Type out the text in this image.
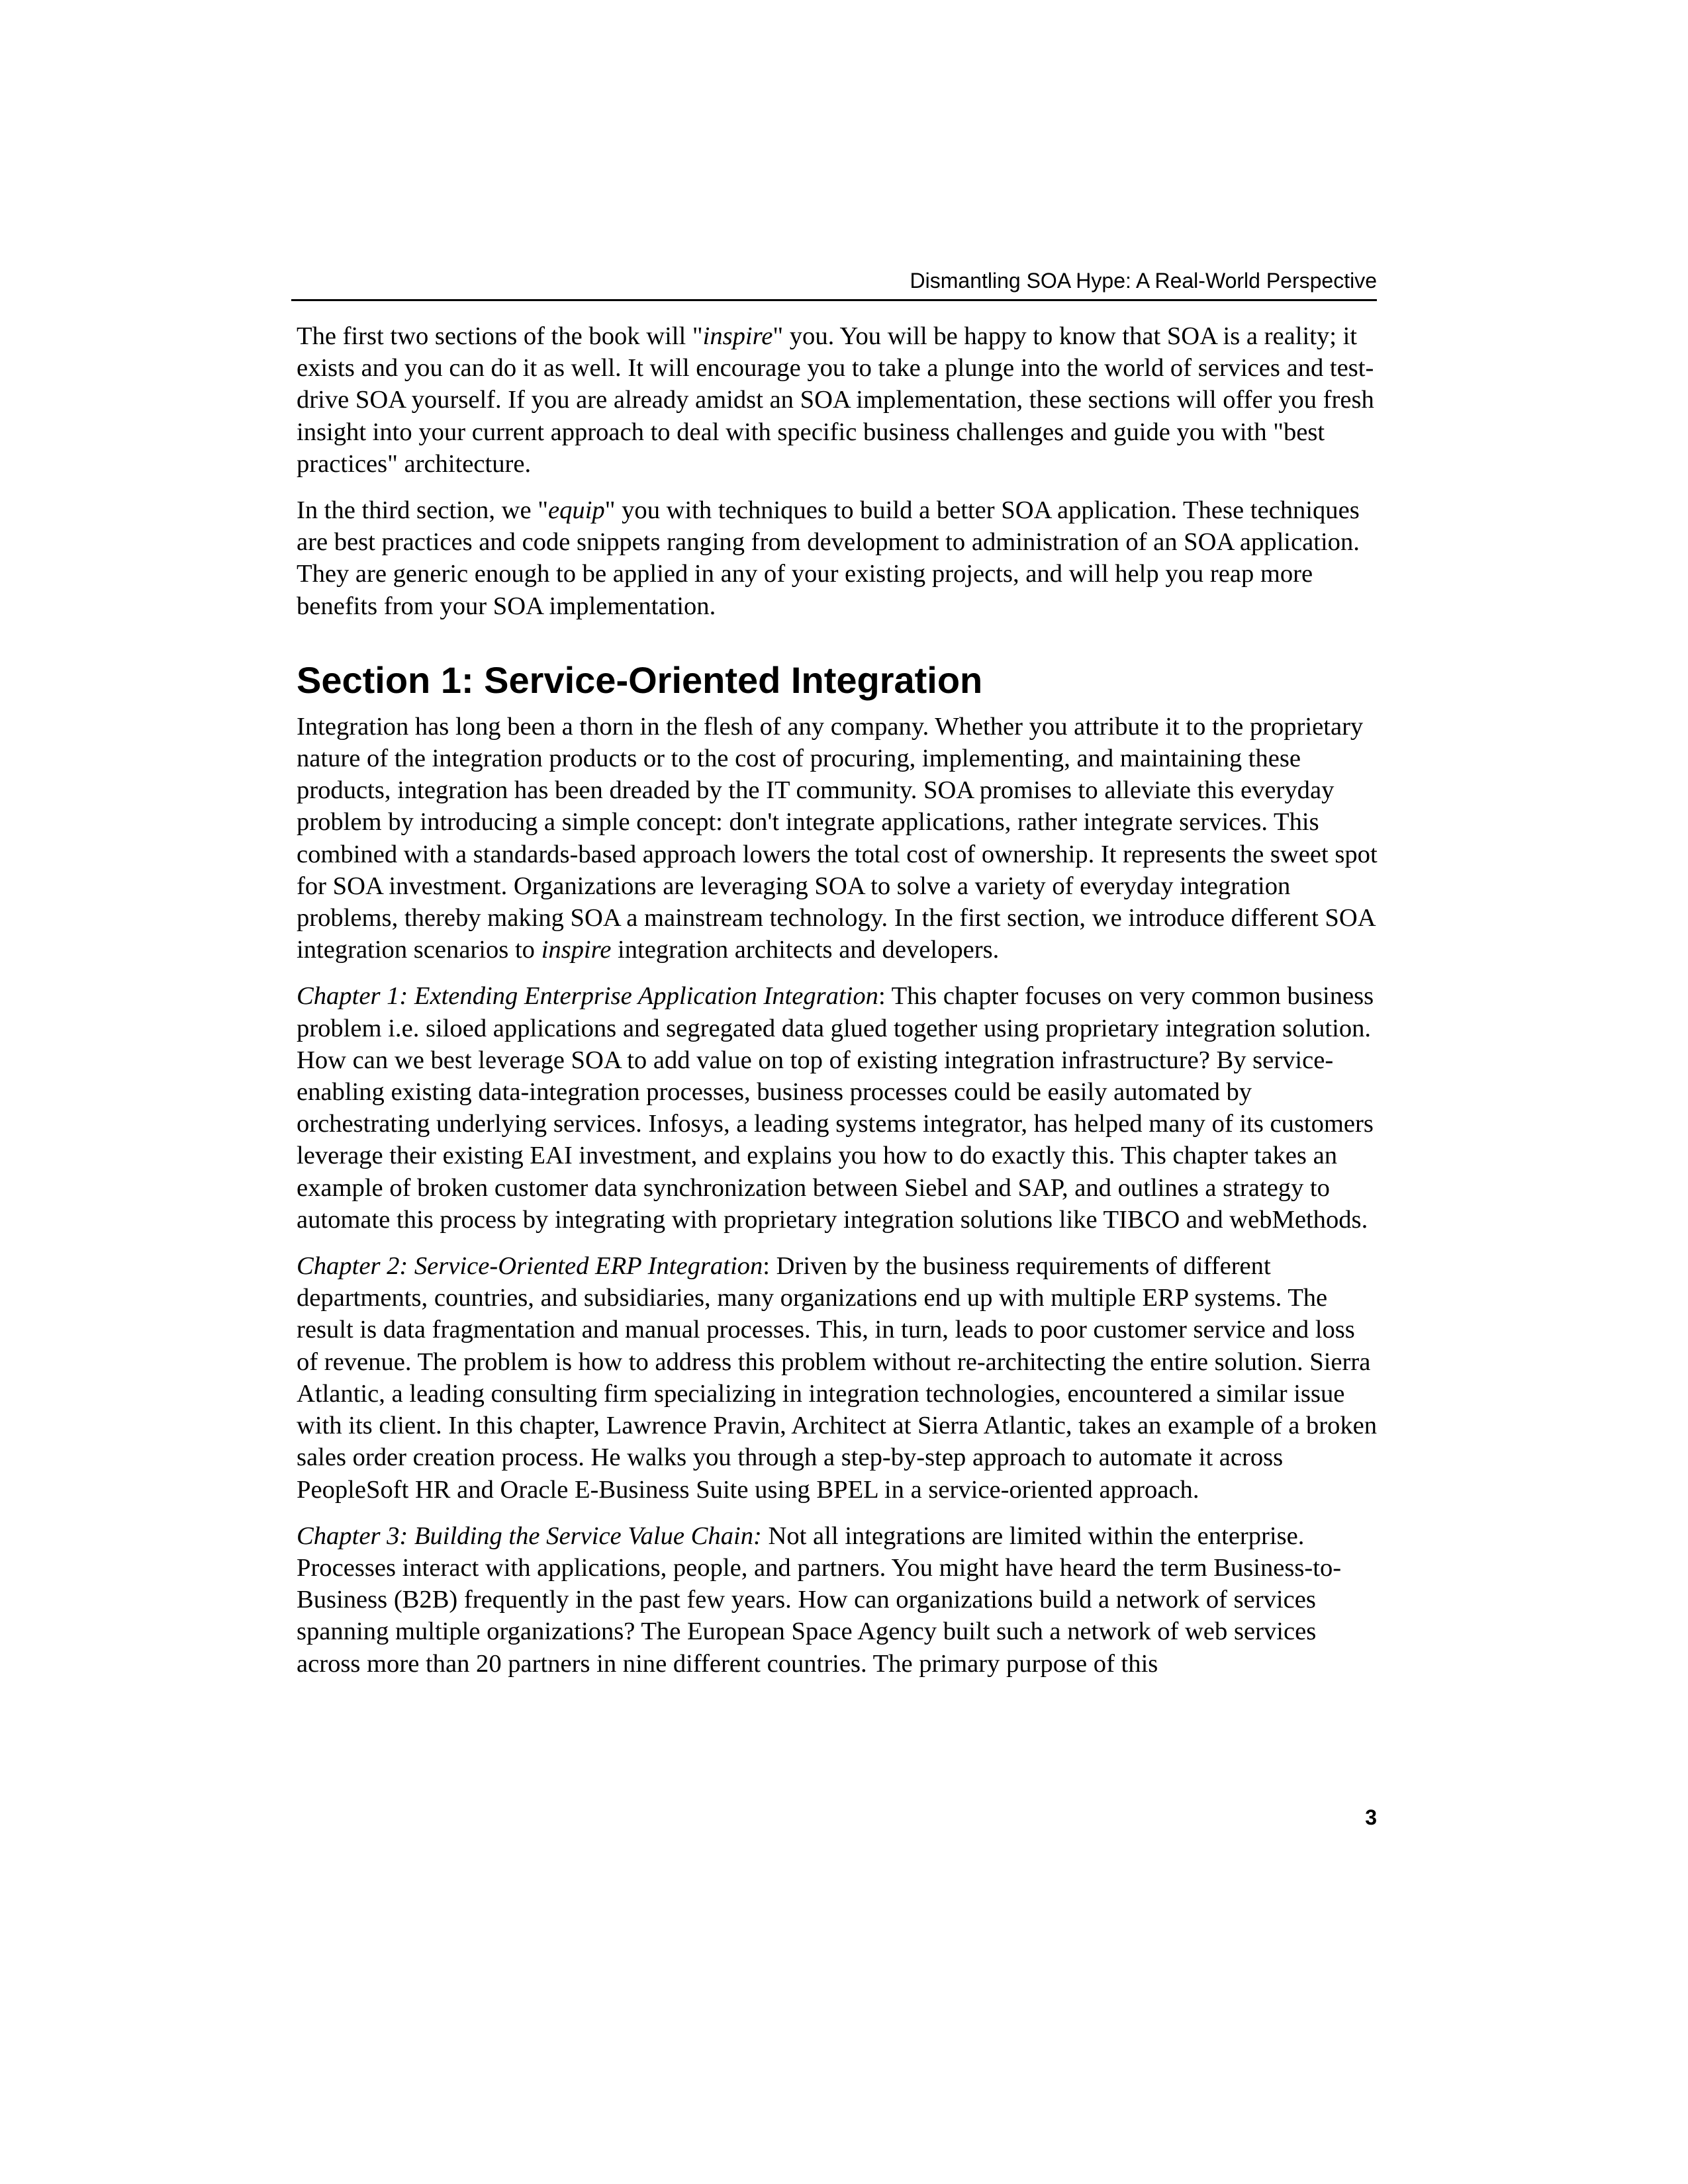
Dismantling SOA Hype: A Real-World Perspective

The first two sections of the book will "inspire" you. You will be happy to know that SOA is a reality; it exists and you can do it as well. It will encourage you to take a plunge into the world of services and test-drive SOA yourself. If you are already amidst an SOA implementation, these sections will offer you fresh insight into your current approach to deal with specific business challenges and guide you with "best practices" architecture.

In the third section, we "equip" you with techniques to build a better SOA application. These techniques are best practices and code snippets ranging from development to administration of an SOA application. They are generic enough to be applied in any of your existing projects, and will help you reap more benefits from your SOA implementation.

Section 1: Service-Oriented Integration

Integration has long been a thorn in the flesh of any company. Whether you attribute it to the proprietary nature of the integration products or to the cost of procuring, implementing, and maintaining these products, integration has been dreaded by the IT community. SOA promises to alleviate this everyday problem by introducing a simple concept: don't integrate applications, rather integrate services. This combined with a standards-based approach lowers the total cost of ownership. It represents the sweet spot for SOA investment. Organizations are leveraging SOA to solve a variety of everyday integration problems, thereby making SOA a mainstream technology. In the first section, we introduce different SOA integration scenarios to inspire integration architects and developers.

Chapter 1: Extending Enterprise Application Integration: This chapter focuses on very common business problem i.e. siloed applications and segregated data glued together using proprietary integration solution. How can we best leverage SOA to add value on top of existing integration infrastructure? By service-enabling existing data-integration processes, business processes could be easily automated by orchestrating underlying services. Infosys, a leading systems integrator, has helped many of its customers leverage their existing EAI investment, and explains you how to do exactly this. This chapter takes an example of broken customer data synchronization between Siebel and SAP, and outlines a strategy to automate this process by integrating with proprietary integration solutions like TIBCO and webMethods.

Chapter 2: Service-Oriented ERP Integration: Driven by the business requirements of different departments, countries, and subsidiaries, many organizations end up with multiple ERP systems. The result is data fragmentation and manual processes. This, in turn, leads to poor customer service and loss of revenue. The problem is how to address this problem without re-architecting the entire solution. Sierra Atlantic, a leading consulting firm specializing in integration technologies, encountered a similar issue with its client. In this chapter, Lawrence Pravin, Architect at Sierra Atlantic, takes an example of a broken sales order creation process. He walks you through a step-by-step approach to automate it across PeopleSoft HR and Oracle E-Business Suite using BPEL in a service-oriented approach.

Chapter 3: Building the Service Value Chain: Not all integrations are limited within the enterprise. Processes interact with applications, people, and partners. You might have heard the term Business-to-Business (B2B) frequently in the past few years. How can organizations build a network of services spanning multiple organizations? The European Space Agency built such a network of web services across more than 20 partners in nine different countries. The primary purpose of this

3
